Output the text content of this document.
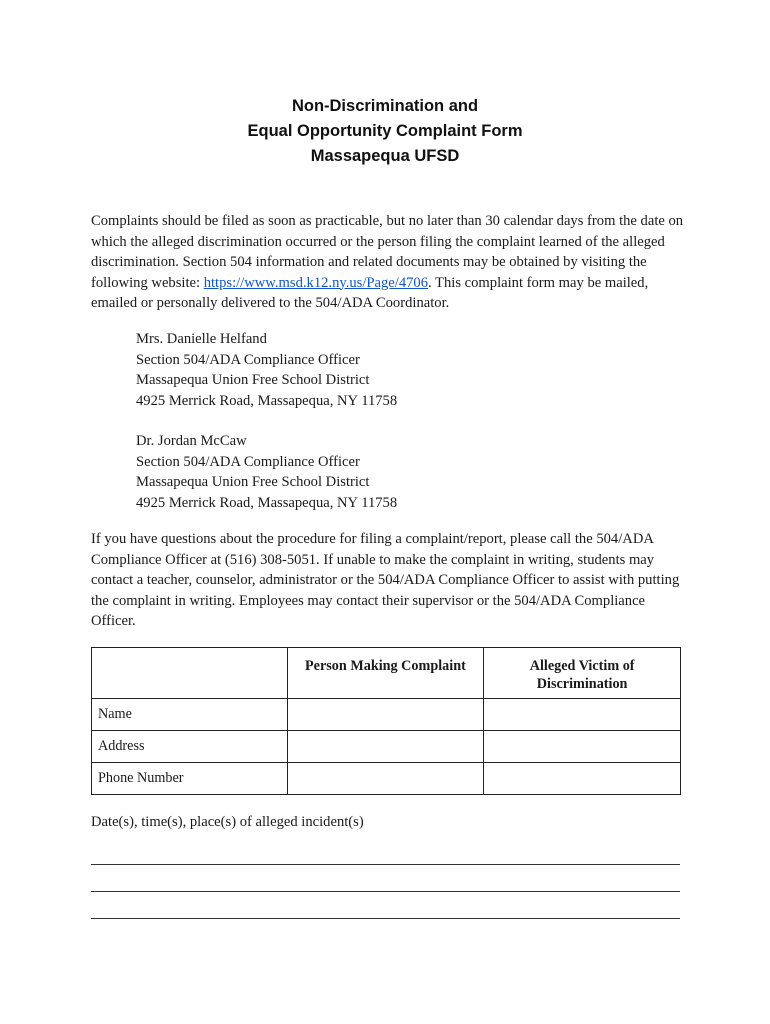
Non-Discrimination and
Equal Opportunity Complaint Form
Massapequa UFSD

Complaints should be filed as soon as practicable, but no later than 30 calendar days from the date on which the alleged discrimination occurred or the person filing the complaint learned of the alleged discrimination. Section 504 information and related documents may be obtained by visiting the following website: https://www.msd.k12.ny.us/Page/4706. This complaint form may be mailed, emailed or personally delivered to the 504/ADA Coordinator.

Mrs. Danielle Helfand
Section 504/ADA Compliance Officer
Massapequa Union Free School District
4925 Merrick Road, Massapequa, NY 11758
Dr. Jordan McCaw
Section 504/ADA Compliance Officer
Massapequa Union Free School District
4925 Merrick Road, Massapequa, NY 11758

If you have questions about the procedure for filing a complaint/report, please call the 504/ADA Compliance Officer at (516) 308-5051. If unable to make the complaint in writing, students may contact a teacher, counselor, administrator or the 504/ADA Compliance Officer to assist with putting the complaint in writing. Employees may contact their supervisor or the 504/ADA Compliance Officer.

	Person Making Complaint	Alleged Victim of Discrimination
Name		
Address		
Phone Number		
Date(s), time(s), place(s) of alleged incident(s)
